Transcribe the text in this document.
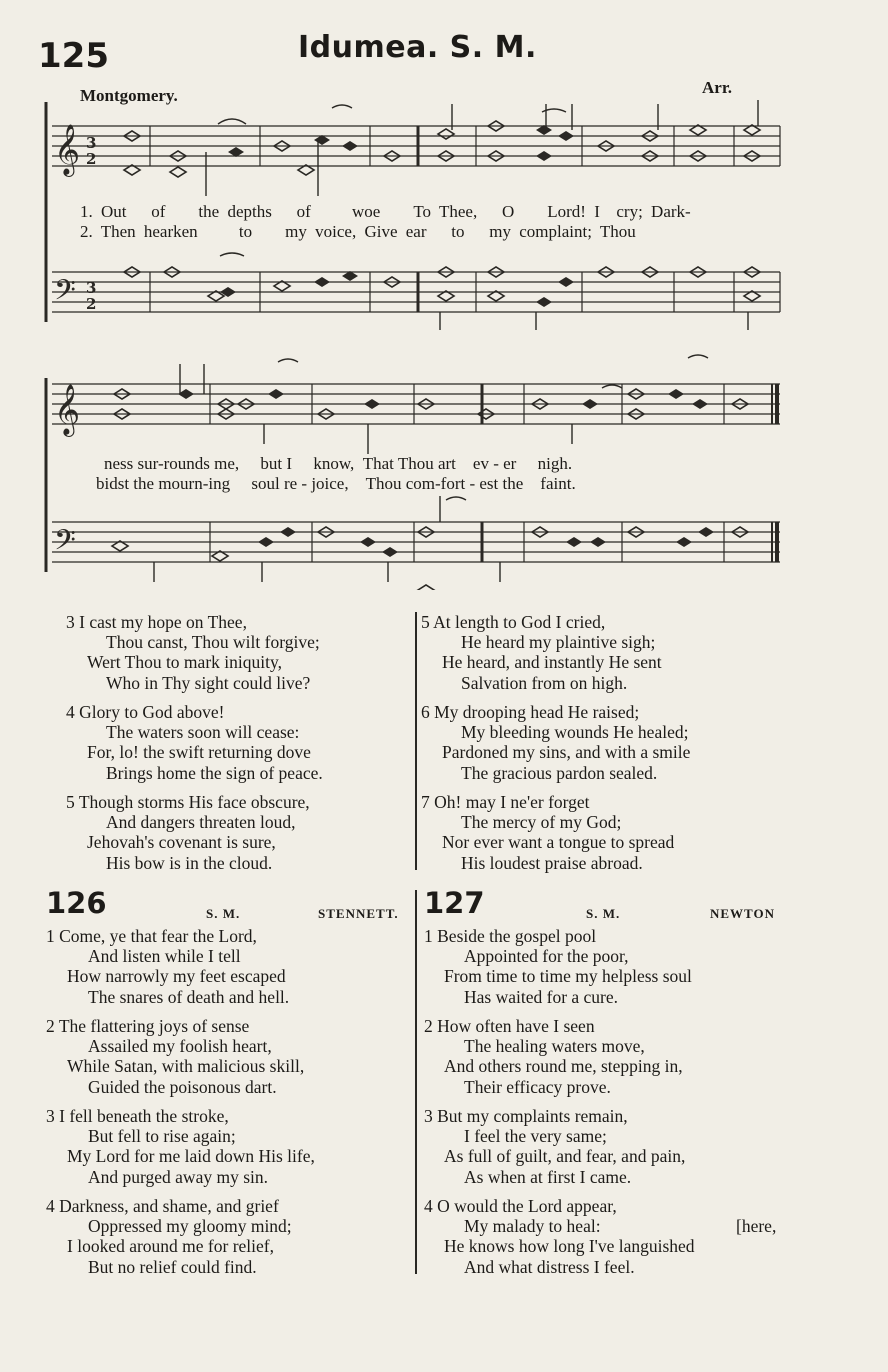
125	Idumea. S. M.
Montgomery.	Arr.
𝄞 3
2
𝄢 3
2
1. Out of the depths of woe To Thee, O Lord! I cry; Dark-
2. Then hearken to my voice, Give ear to my complaint; Thou
𝄞
𝄢
ness sur-rounds me, but I know, That Thou art ev - er nigh.
bidst the mourn-ing soul re - joice, Thou com-fort - est the faint.
3 I cast my hope on Thee,
Thou canst, Thou wilt forgive;
Wert Thou to mark iniquity,
Who in Thy sight could live?
4 Glory to God above!
The waters soon will cease:
For, lo! the swift returning dove
Brings home the sign of peace.
5 Though storms His face obscure,
And dangers threaten loud,
Jehovah's covenant is sure,
His bow is in the cloud.
5 At length to God I cried,
He heard my plaintive sigh;
He heard, and instantly He sent
Salvation from on high.
6 My drooping head He raised;
My bleeding wounds He healed;
Pardoned my sins, and with a smile
The gracious pardon sealed.
7 Oh! may I ne'er forget
The mercy of my God;
Nor ever want a tongue to spread
His loudest praise abroad.
126	S. M.	STENNETT.
1 Come, ye that fear the Lord,
And listen while I tell
How narrowly my feet escaped
The snares of death and hell.
2 The flattering joys of sense
Assailed my foolish heart,
While Satan, with malicious skill,
Guided the poisonous dart.
3 I fell beneath the stroke,
But fell to rise again;
My Lord for me laid down His life,
And purged away my sin.
4 Darkness, and shame, and grief
Oppressed my gloomy mind;
I looked around me for relief,
But no relief could find.
127	S. M.	NEWTON
1 Beside the gospel pool
Appointed for the poor,
From time to time my helpless soul
Has waited for a cure.
2 How often have I seen
The healing waters move,
And others round me, stepping in,
Their efficacy prove.
3 But my complaints remain,
I feel the very same;
As full of guilt, and fear, and pain,
As when at first I came.
4 O would the Lord appear,
My malady to heal:	[here,
He knows how long I've languished
And what distress I feel.
